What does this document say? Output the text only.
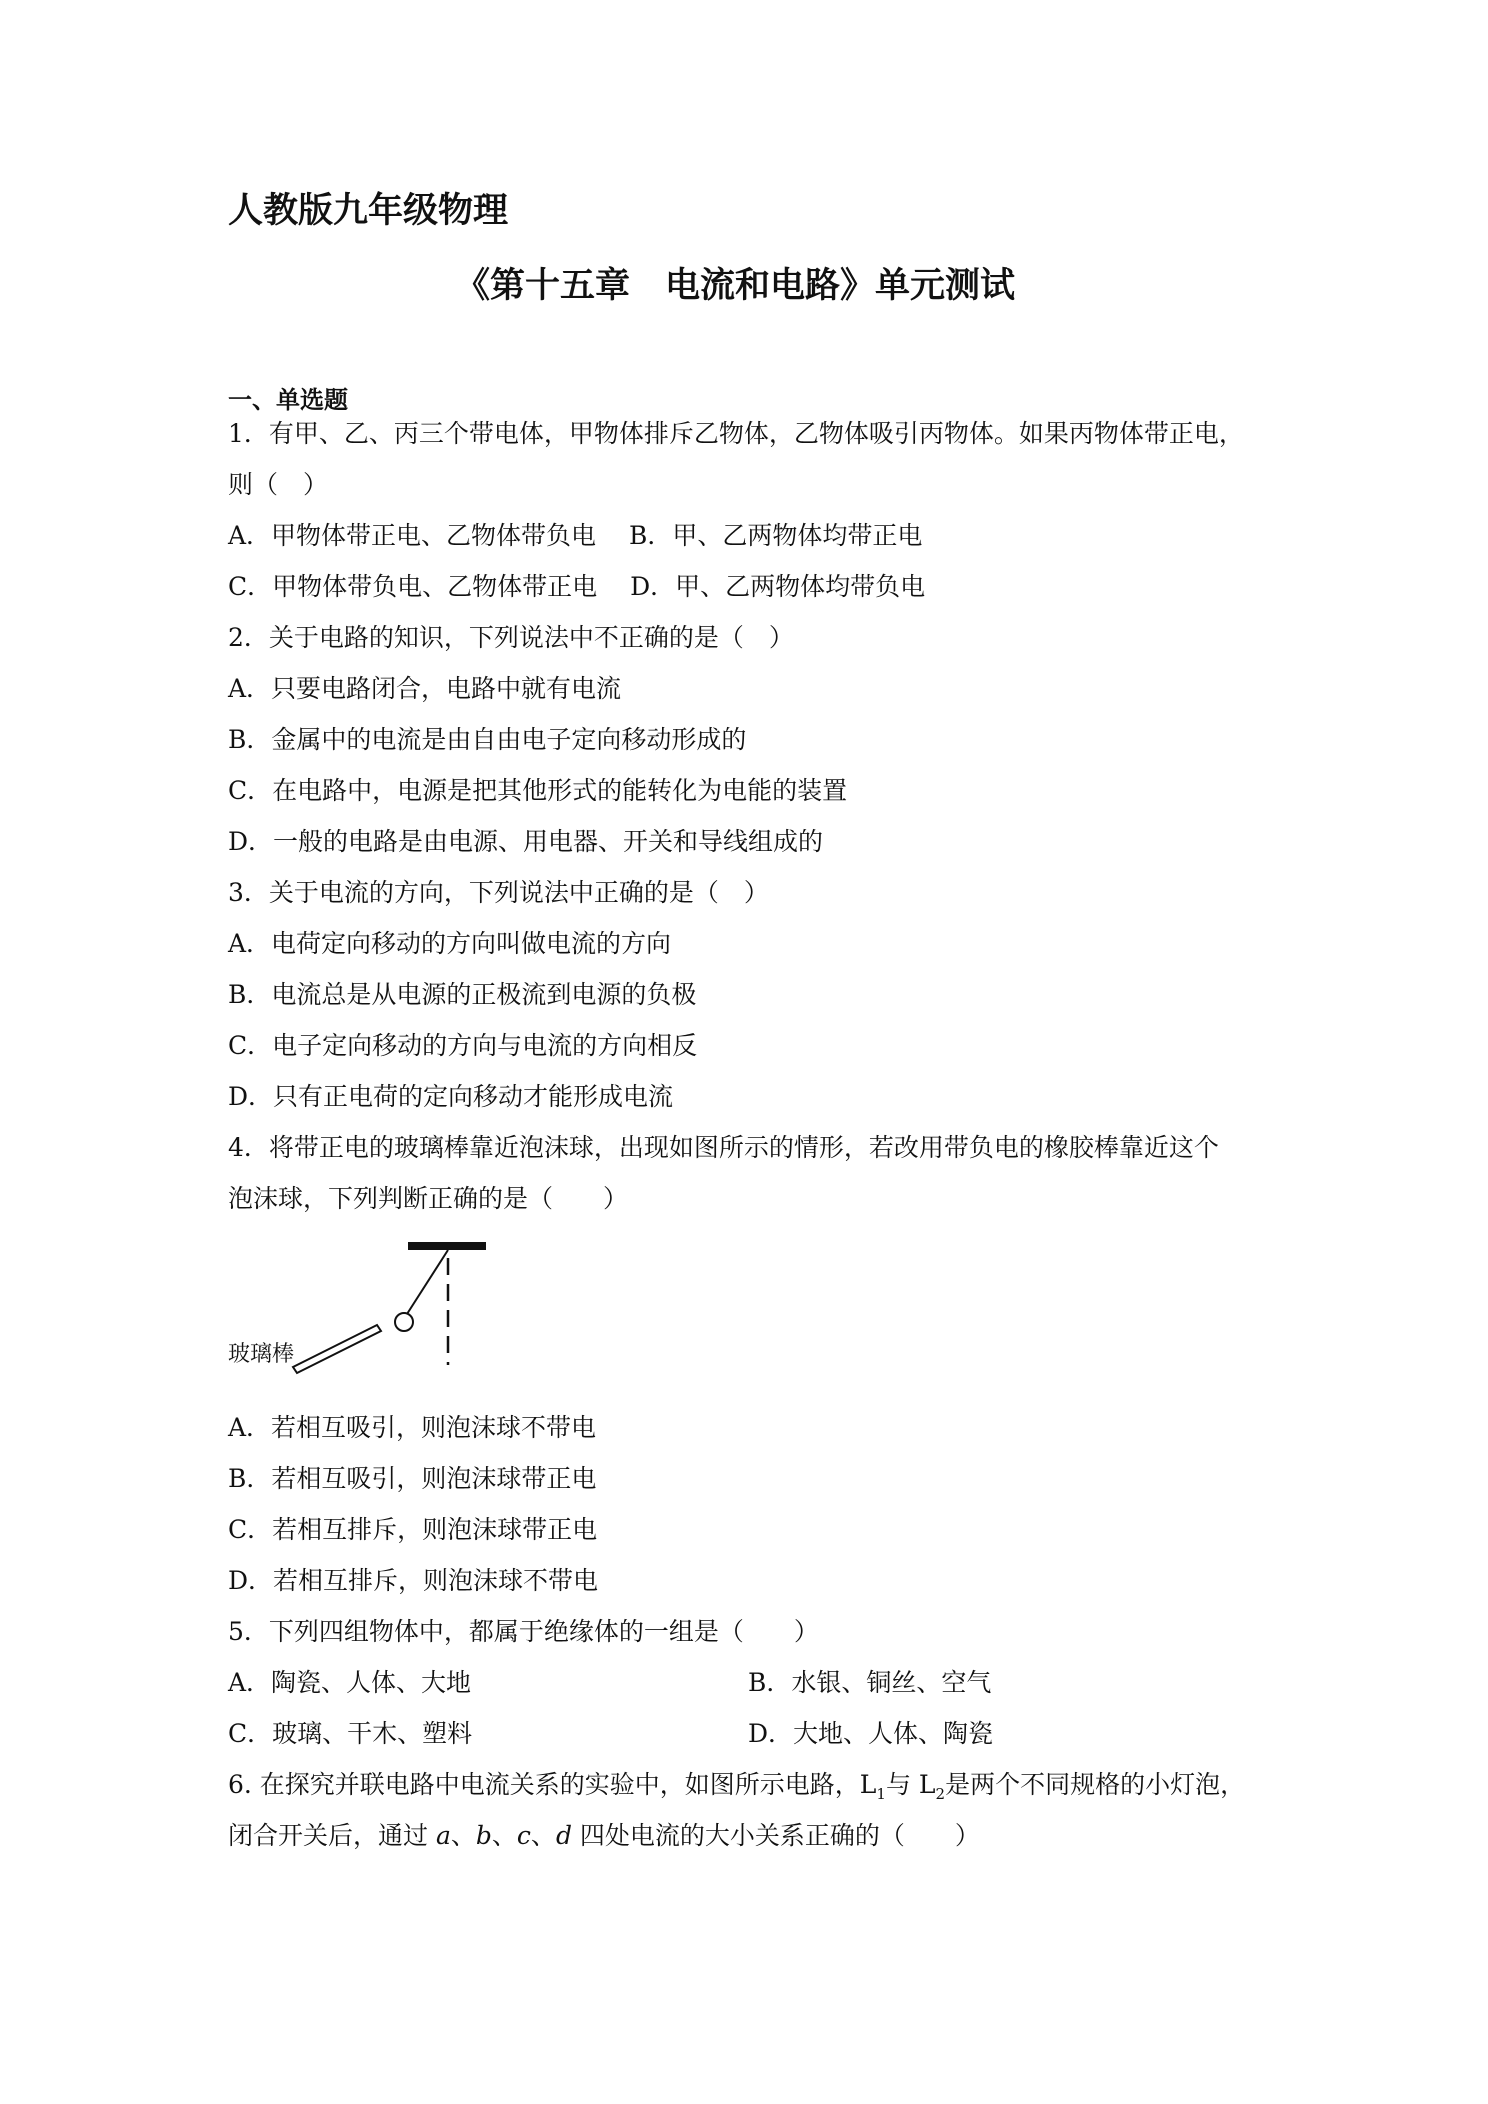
人教版九年级物理
《第十五章　电流和电路》单元测试
一、单选题
1．有甲、乙、丙三个带电体，甲物体排斥乙物体，乙物体吸引丙物体。如果丙物体带正电，
则（　）
A．甲物体带正电、乙物体带负电　 B．甲、乙两物体均带正电
C．甲物体带负电、乙物体带正电　 D．甲、乙两物体均带负电
2．关于电路的知识，下列说法中不正确的是（　）
A．只要电路闭合，电路中就有电流
B．金属中的电流是由自由电子定向移动形成的
C．在电路中，电源是把其他形式的能转化为电能的装置
D．一般的电路是由电源、用电器、开关和导线组成的
3．关于电流的方向，下列说法中正确的是（　）
A．电荷定向移动的方向叫做电流的方向
B．电流总是从电源的正极流到电源的负极
C．电子定向移动的方向与电流的方向相反
D．只有正电荷的定向移动才能形成电流
4．将带正电的玻璃棒靠近泡沫球，出现如图所示的情形，若改用带负电的橡胶棒靠近这个
泡沫球，下列判断正确的是（　　）
玻璃棒
A．若相互吸引，则泡沫球不带电
B．若相互吸引，则泡沫球带正电
C．若相互排斥，则泡沫球带正电
D．若相互排斥，则泡沫球不带电
5．下列四组物体中，都属于绝缘体的一组是（　　）
A．陶瓷、人体、大地	B．水银、铜丝、空气
C．玻璃、干木、塑料	D．大地、人体、陶瓷
6. 在探究并联电路中电流关系的实验中，如图所示电路，$L_1$与 $L_2$是两个不同规格的小灯泡，
闭合开关后，通过 a、b、c、d 四处电流的大小关系正确的（　　）
